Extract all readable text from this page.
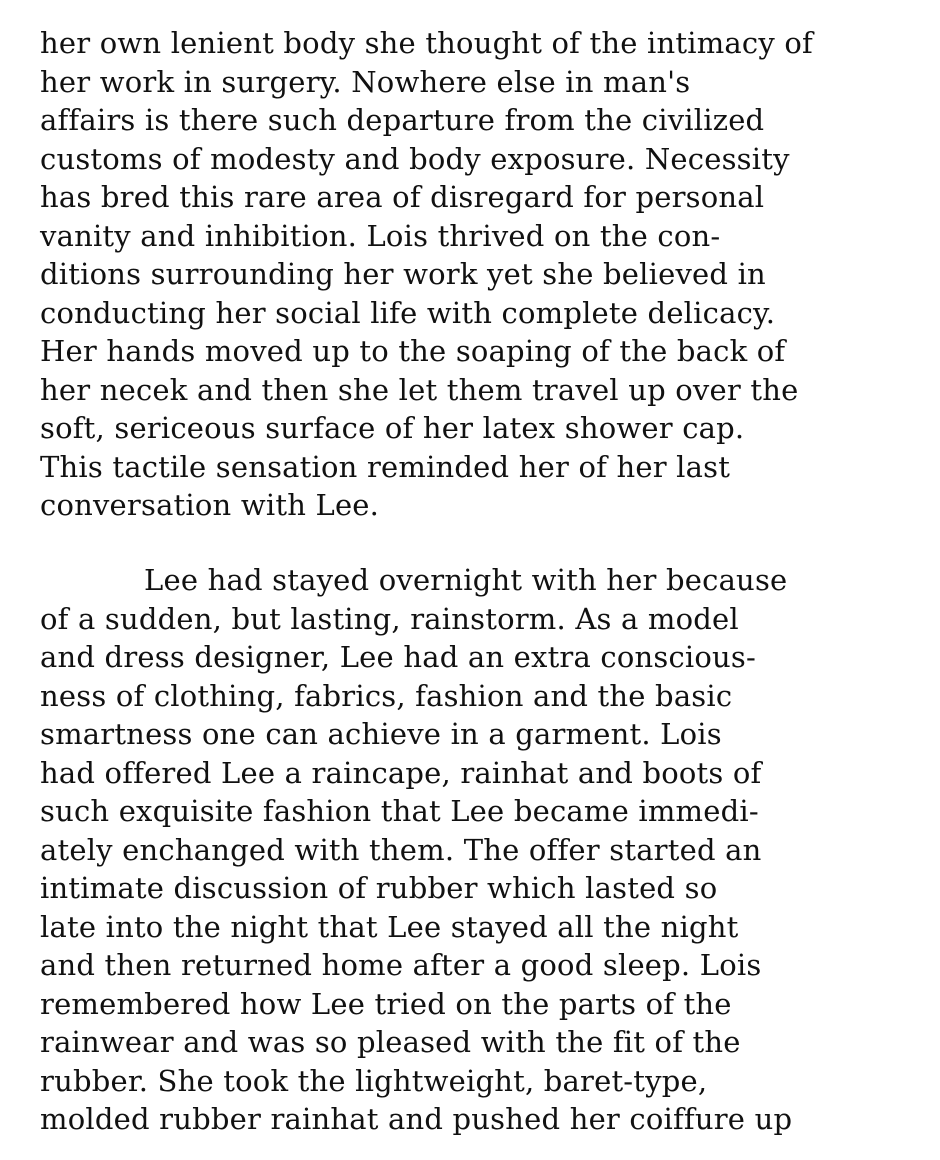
her own lenient body she thought of the intimacy of
her work in surgery. Nowhere else in man's
affairs is there such departure from the civilized
customs of modesty and body exposure. Necessity
has bred this rare area of disregard for personal
vanity and inhibition. Lois thrived on the con-
ditions surrounding her work yet she believed in
conducting her social life with complete delicacy.
Her hands moved up to the soaping of the back of
her necek and then she let them travel up over the
soft, sericeous surface of her latex shower cap.
This tactile sensation reminded her of her last
conversation with Lee.

Lee had stayed overnight with her because
of a sudden, but lasting, rainstorm. As a model
and dress designer, Lee had an extra conscious-
ness of clothing, fabrics, fashion and the basic
smartness one can achieve in a garment. Lois
had offered Lee a raincape, rainhat and boots of
such exquisite fashion that Lee became immedi-
ately enchanged with them. The offer started an
intimate discussion of rubber which lasted so
late into the night that Lee stayed all the night
and then returned home after a good sleep. Lois
remembered how Lee tried on the parts of the
rainwear and was so pleased with the fit of the
rubber. She took the lightweight, baret-type,
molded rubber rainhat and pushed her coiffure up
